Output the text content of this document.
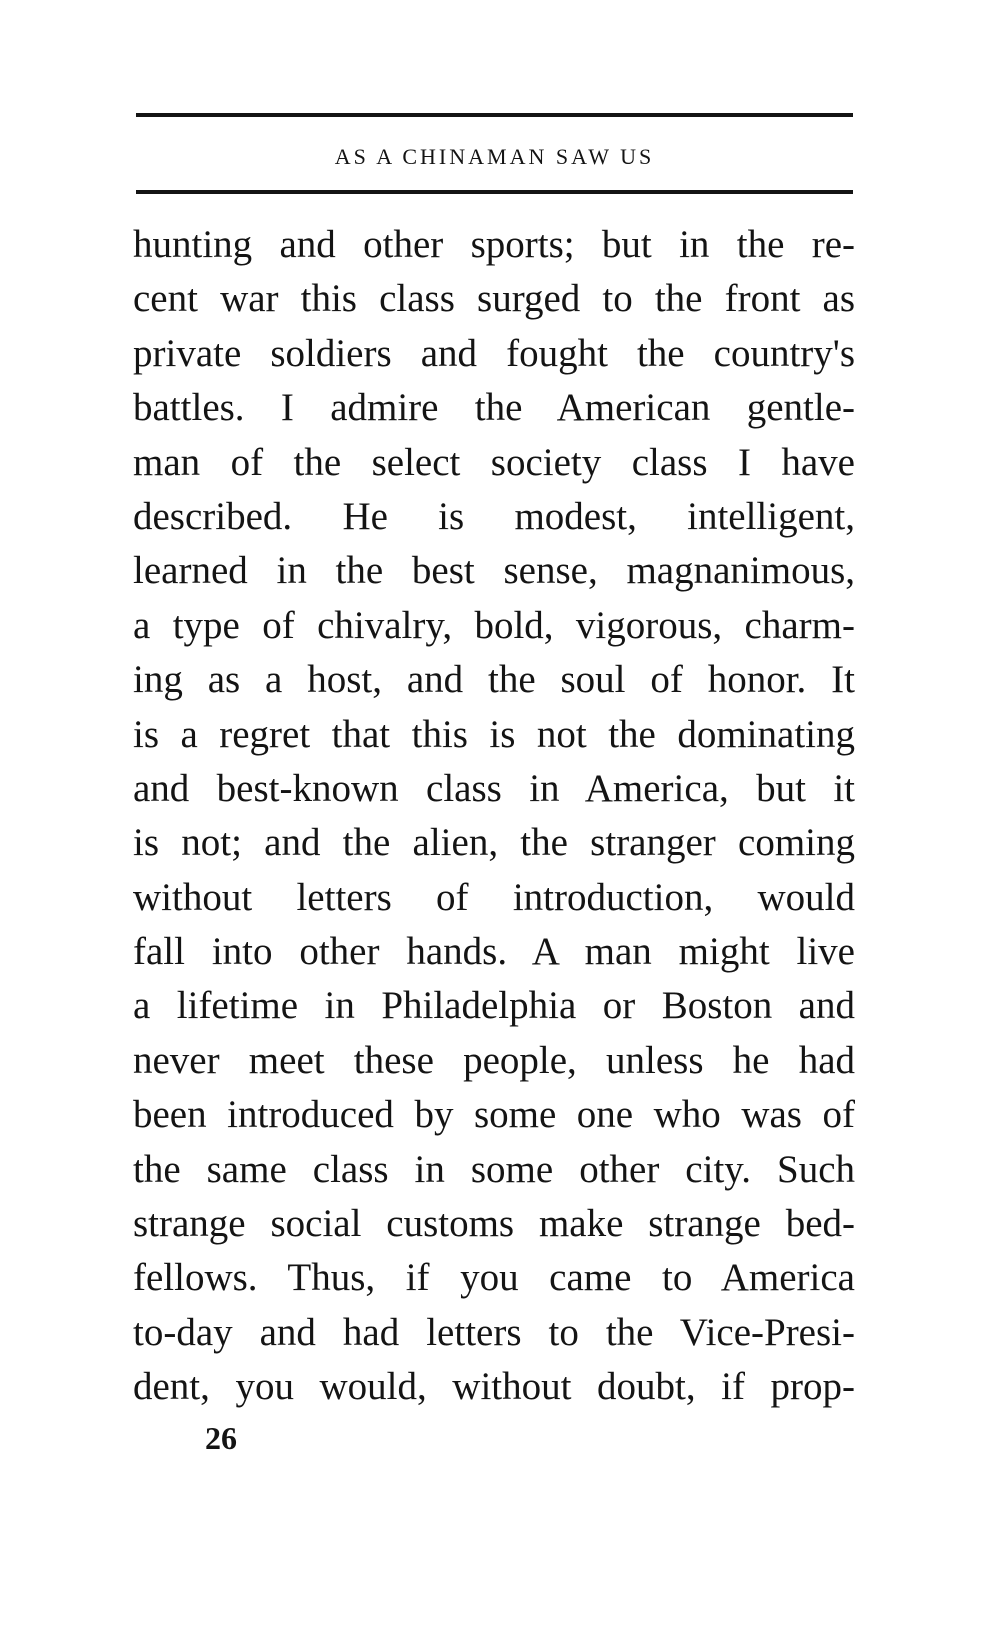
AS A CHINAMAN SAW US
hunting and other sports; but in the re-
cent war this class surged to the front as
private soldiers and fought the country's
battles. I admire the American gentle-
man of the select society class I have
described. He is modest, intelligent,
learned in the best sense, magnanimous,
a type of chivalry, bold, vigorous, charm-
ing as a host, and the soul of honor. It
is a regret that this is not the dominating
and best-known class in America, but it
is not; and the alien, the stranger coming
without letters of introduction, would
fall into other hands. A man might live
a lifetime in Philadelphia or Boston and
never meet these people, unless he had
been introduced by some one who was of
the same class in some other city. Such
strange social customs make strange bed-
fellows. Thus, if you came to America
to-day and had letters to the Vice-Presi-
dent, you would, without doubt, if prop-
26
